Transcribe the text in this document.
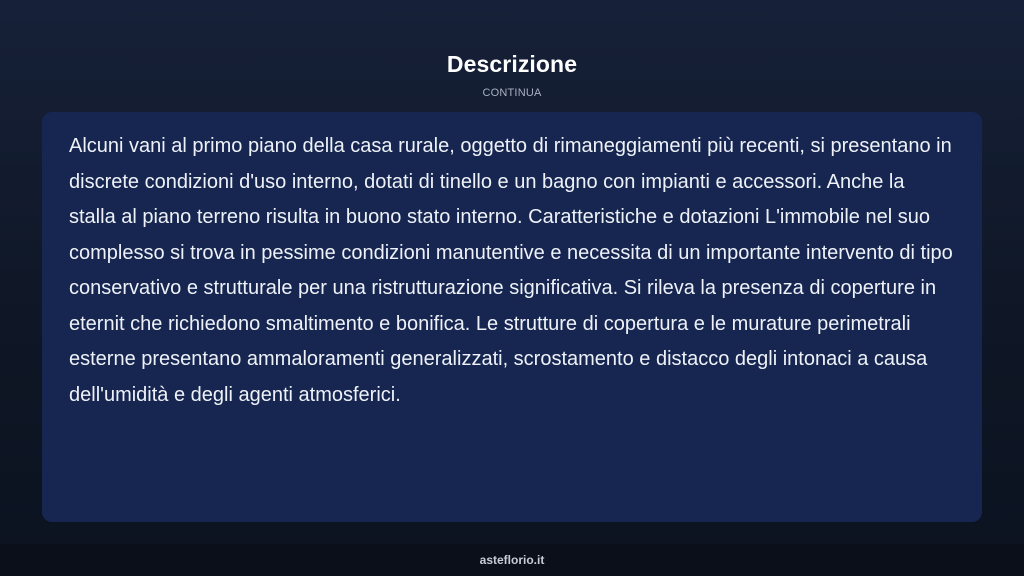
Descrizione
CONTINUA

Alcuni vani al primo piano della casa rurale, oggetto di rimaneggiamenti più recenti, si presentano in discrete condizioni d'uso interno, dotati di tinello e un bagno con impianti e accessori. Anche la stalla al piano terreno risulta in buono stato interno. Caratteristiche e dotazioni L'immobile nel suo complesso si trova in pessime condizioni manutentive e necessita di un importante intervento di tipo conservativo e strutturale per una ristrutturazione significativa. Si rileva la presenza di coperture in eternit che richiedono smaltimento e bonifica. Le strutture di copertura e le murature perimetrali esterne presentano ammaloramenti generalizzati, scrostamento e distacco degli intonaci a causa dell'umidità e degli agenti atmosferici.

asteflorio.it
